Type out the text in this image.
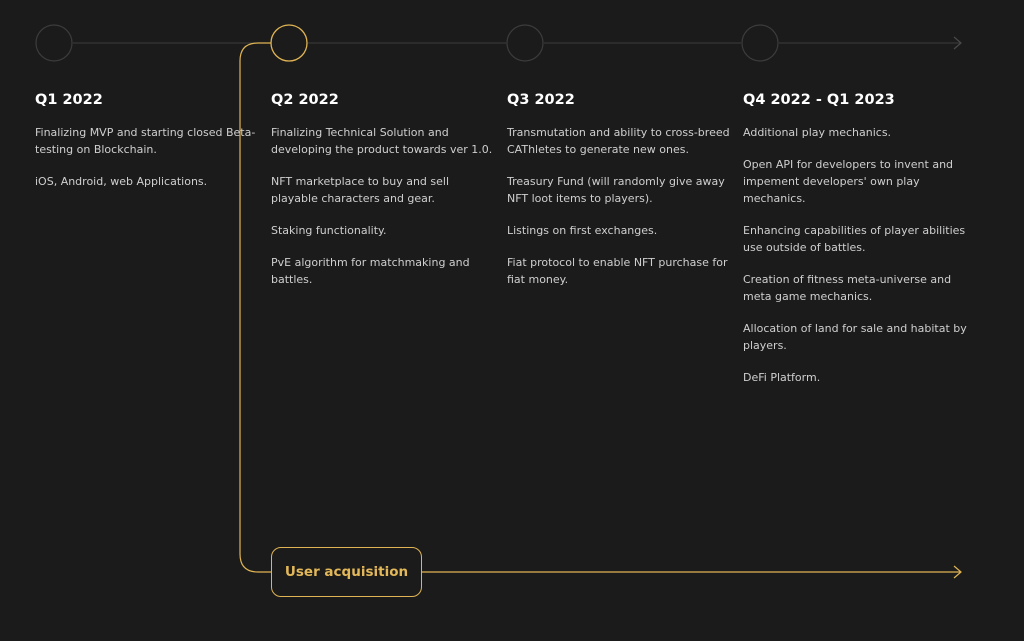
Q1 2022
Finalizing MVP and starting closed Beta-testing on Blockchain.
iOS, Android, web Applications.
Q2 2022
Finalizing Technical Solution and developing the product towards ver 1.0.
NFT marketplace to buy and sell playable characters and gear.
Staking functionality.
PvE algorithm for matchmaking and battles.
Q3 2022
Transmutation and ability to cross-breed CAThletes to generate new ones.
Treasury Fund (will randomly give away NFT loot items to players).
Listings on first exchanges.
Fiat protocol to enable NFT purchase for fiat money.
Q4 2022 - Q1 2023
Additional play mechanics.
Open API for developers to invent and impement developers' own play mechanics.
Enhancing capabilities of player abilities use outside of battles.
Creation of fitness meta-universe and meta game mechanics.
Allocation of land for sale and habitat by players.
DeFi Platform.
User acquisition
